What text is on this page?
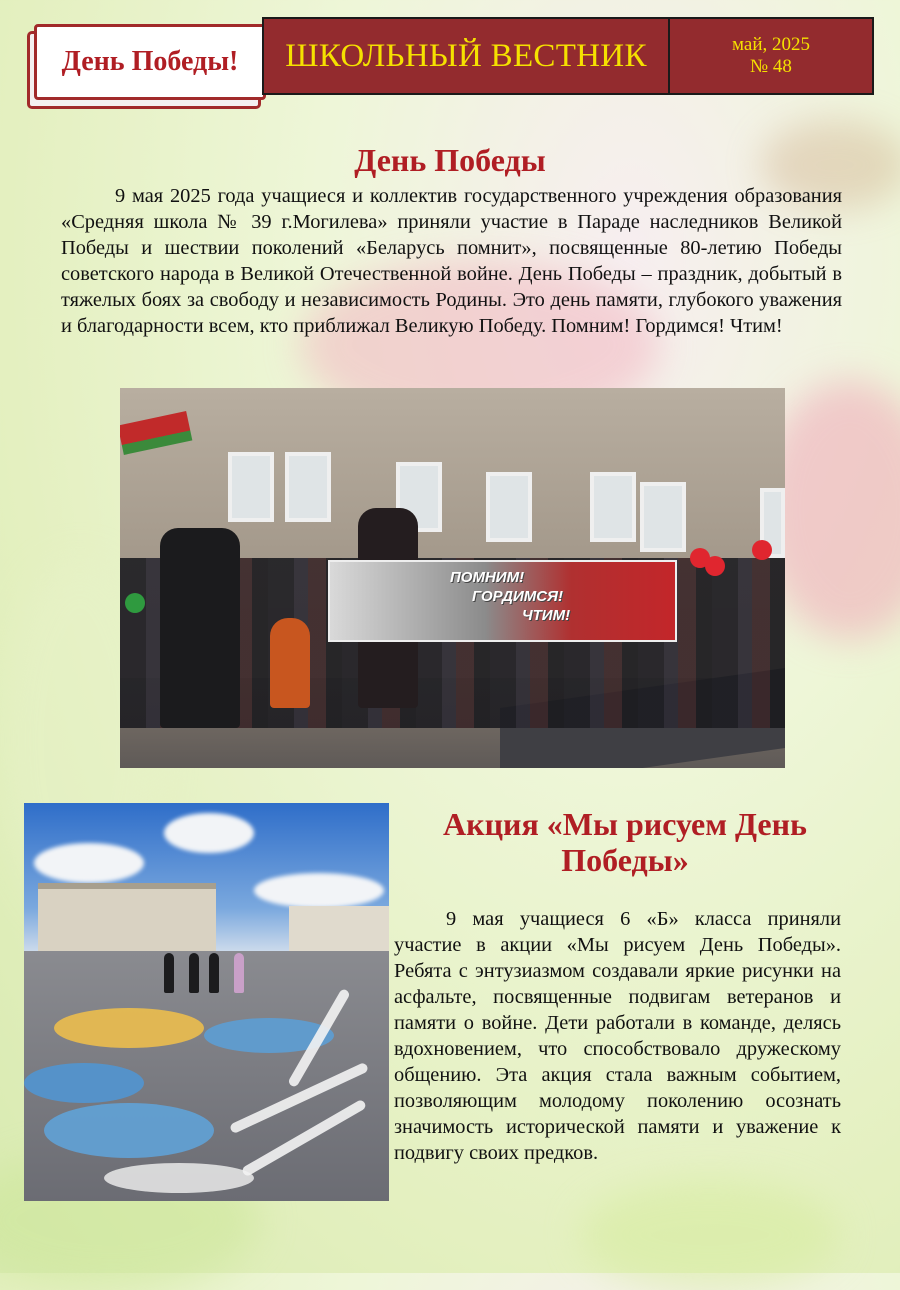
День Победы! ШКОЛЬНЫЙ ВЕСТНИК	май, 2025
№ 48
День Победы

9 мая 2025 года учащиеся и коллектив государственного учреждения образования «Средняя школа № 39 г.Могилева» приняли участие в Параде наследников Великой Победы и шествии поколений «Беларусь помнит», посвященные 80-летию Победы советского народа в Великой Отечественной войне. День Победы – праздник, добытый в тяжелых боях за свободу и независимость Родины. Это день памяти, глубокого уважения и благодарности всем, кто приближал Великую Победу. Помним! Гордимся! Чтим!

ПОМНИМ!
ГОРДИМСЯ!
ЧТИМ!
Акция «Мы рисуем День Победы»

9 мая учащиеся 6 «Б» класса приняли участие в акции «Мы рисуем День Победы». Ребята с энтузиазмом создавали яркие рисунки на асфальте, посвященные подвигам ветеранов и памяти о войне. Дети работали в команде, делясь вдохновением, что способствовало дружескому общению. Эта акция стала важным событием, позволяющим молодому поколению осознать значимость исторической памяти и уважение к подвигу своих предков.
